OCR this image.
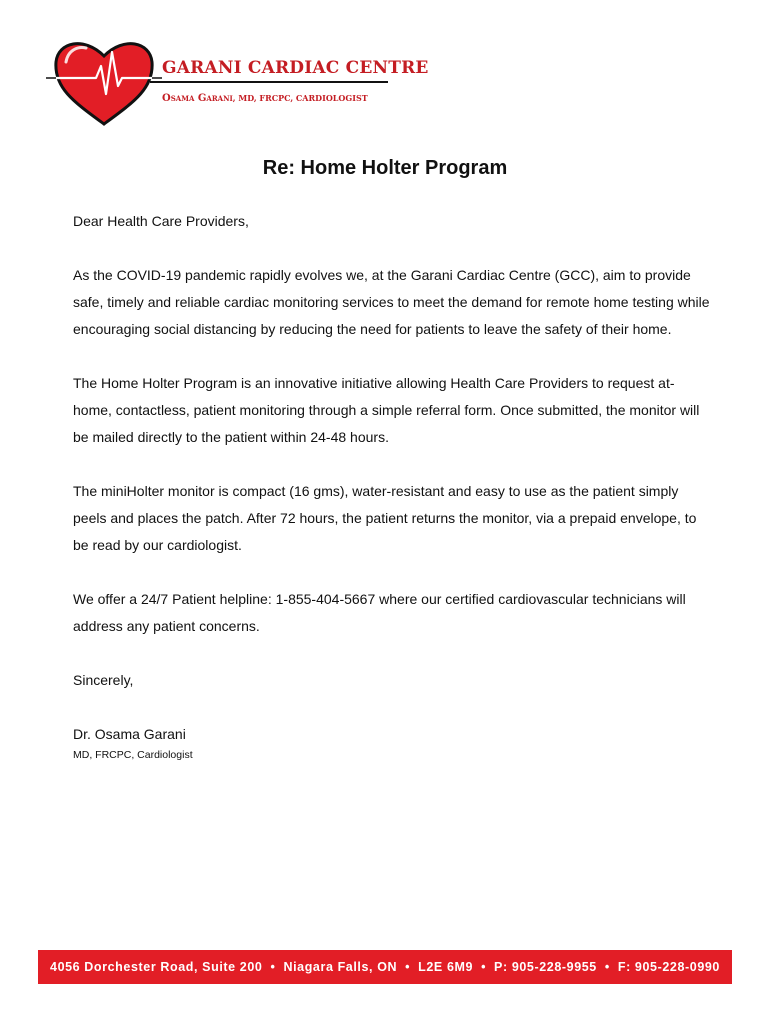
GARANI CARDIAC CENTRE
Osama Garani, MD, FRCPC, CARDIOLOGIST
Re: Home Holter Program

Dear Health Care Providers,

As the COVID-19 pandemic rapidly evolves we, at the Garani Cardiac Centre (GCC), aim to provide safe, timely and reliable cardiac monitoring services to meet the demand for remote home testing while encouraging social distancing by reducing the need for patients to leave the safety of their home.

The Home Holter Program is an innovative initiative allowing Health Care Providers to request at-home, contactless, patient monitoring through a simple referral form. Once submitted, the monitor will be mailed directly to the patient within 24-48 hours.

The miniHolter monitor is compact (16 gms), water-resistant and easy to use as the patient simply peels and places the patch. After 72 hours, the patient returns the monitor, via a prepaid envelope, to be read by our cardiologist.

We offer a 24/7 Patient helpline: 1-855-404-5667 where our certified cardiovascular technicians will address any patient concerns.

Sincerely,

Dr. Osama Garani

MD, FRCPC, Cardiologist

4056 Dorchester Road, Suite 200 • Niagara Falls, ON • L2E 6M9 • P: 905-228-9955 • F: 905-228-0990
